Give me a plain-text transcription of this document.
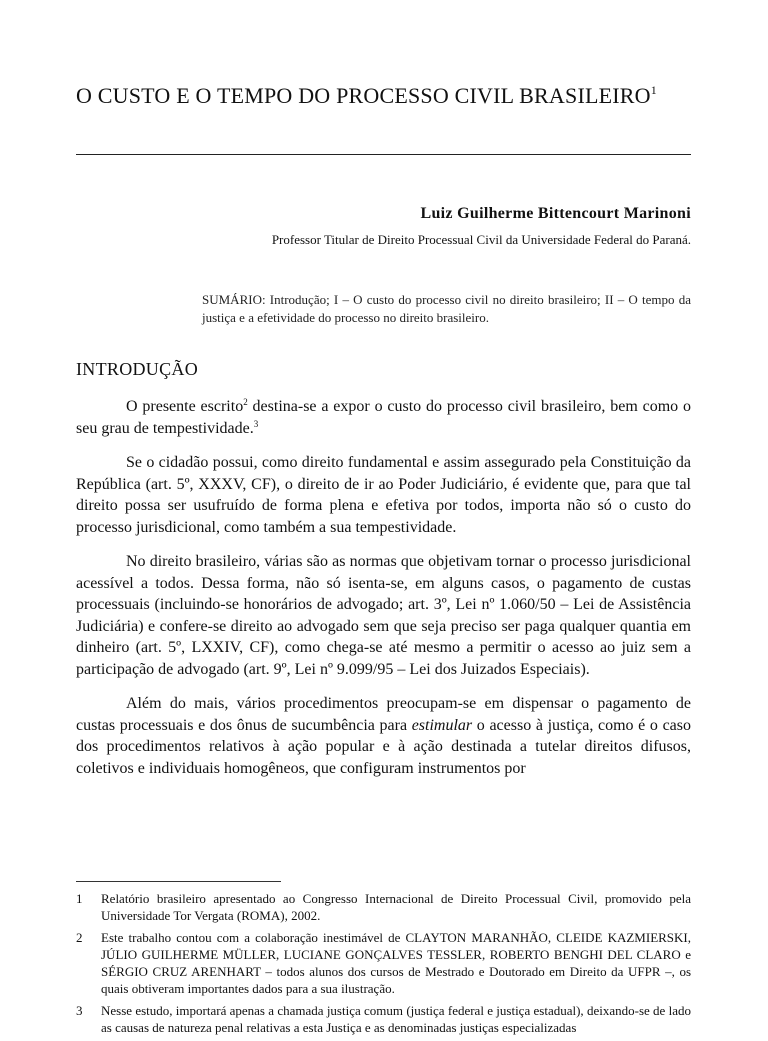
O CUSTO E O TEMPO DO PROCESSO CIVIL BRASILEIRO$^1$
Luiz Guilherme Bittencourt Marinoni
Professor Titular de Direito Processual Civil da Universidade Federal do Paraná.
SUMÁRIO: Introdução; I – O custo do processo civil no direito brasileiro; II – O tempo da justiça e a efetividade do processo no direito brasileiro.
INTRODUÇÃO

O presente escrito$^2$ destina-se a expor o custo do processo civil brasileiro, bem como o seu grau de tempestividade.$^3$

Se o cidadão possui, como direito fundamental e assim assegurado pela Constituição da República (art. 5º, XXXV, CF), o direito de ir ao Poder Judiciário, é evidente que, para que tal direito possa ser usufruído de forma plena e efetiva por todos, importa não só o custo do processo jurisdicional, como também a sua tempestividade.

No direito brasileiro, várias são as normas que objetivam tornar o processo jurisdicional acessível a todos. Dessa forma, não só isenta-se, em alguns casos, o pagamento de custas processuais (incluindo-se honorários de advogado; art. 3º, Lei nº 1.060/50 – Lei de Assistência Judiciária) e confere-se direito ao advogado sem que seja preciso ser paga qualquer quantia em dinheiro (art. 5º, LXXIV, CF), como chega-se até mesmo a permitir o acesso ao juiz sem a participação de advogado (art. 9º, Lei nº 9.099/95 – Lei dos Juizados Especiais).

Além do mais, vários procedimentos preocupam-se em dispensar o pagamento de custas processuais e dos ônus de sucumbência para estimular o acesso à justiça, como é o caso dos procedimentos relativos à ação popular e à ação destinada a tutelar direitos difusos, coletivos e individuais homogêneos, que configuram instrumentos por

1	Relatório brasileiro apresentado ao Congresso Internacional de Direito Processual Civil, promovido pela Universidade Tor Vergata (ROMA), 2002.
2	Este trabalho contou com a colaboração inestimável de CLAYTON MARANHÃO, CLEIDE KAZMIERSKI, JÚLIO GUILHERME MÜLLER, LUCIANE GONÇALVES TESSLER, ROBERTO BENGHI DEL CLARO e SÉRGIO CRUZ ARENHART – todos alunos dos cursos de Mestrado e Doutorado em Direito da UFPR –, os quais obtiveram importantes dados para a sua ilustração.
3	Nesse estudo, importará apenas a chamada justiça comum (justiça federal e justiça estadual), deixando-se de lado as causas de natureza penal relativas a esta Justiça e as denominadas justiças especializadas
